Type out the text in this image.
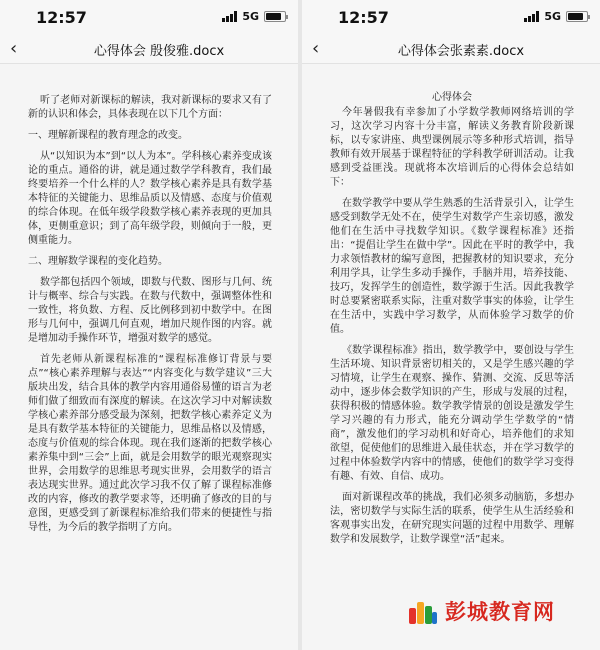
12:57	5G
‹	心得体会 殷俊雅.docx

听了老师对新课标的解读，我对新课标的要求又有了新的认识和体会，具体表现在以下几个方面：

一、理解新课程的教育理念的改变。

从“以知识为本”到“以人为本”。学科核心素养变成该论的重点。通俗的讲，就是通过数学学科教育，我们最终要培养一个什么样的人？数学核心素养是具有数学基本特征的关键能力、思维品质以及情感、态度与价值观的综合体现。在低年级学段数学核心素养表现的更加具体，更侧重意识；到了高年级学段，则倾向于一般，更侧重能力。

二、理解数学课程的变化趋势。

数学都包括四个领域，即数与代数、图形与几何、统计与概率、综合与实践。在数与代数中，强调整体性和一致性，将负数、方程、反比例移到初中数学中。在图形与几何中，强调几何直观，增加尺规作图的内容。就是增加动手操作环节，增强对数学的感觉。

首先老师从新课程标准的“课程标准修订背景与要点”“核心素养理解与表达”“内容变化与数学建议”三大版块出发，结合具体的教学内容用通俗易懂的语言为老师们做了细致而有深度的解读。在这次学习中对解读数学核心素养部分感受最为深刻，把数学核心素养定义为是具有数学基本特征的关键能力，思维品格以及情感，态度与价值观的综合体现。现在我们逐渐的把数学核心素养集中到“三会”上面，就是会用数学的眼光观察现实世界，会用数学的思维思考现实世界，会用数学的语言表达现实世界。通过此次学习我不仅了解了课程标准修改的内容，修改的教学要求等，还明确了修改的目的与意图，更感受到了新课程标准给我们带来的便捷性与指导性，为今后的教学指明了方向。

12:57	5G
‹	心得体会张素素.docx
心得体会

今年暑假我有幸参加了小学数学教师网络培训的学习，这次学习内容十分丰富，解读义务教育阶段新课标，以专家讲座、典型课例展示等多种形式培训，指导教师有效开展基于课程特征的学科教学研训活动。让我感到受益匪浅。现就将本次培训后的心得体会总结如下：

在数学教学中要从学生熟悉的生活背景引入，让学生感受到数学无处不在，使学生对数学产生亲切感，激发他们在生活中寻找数学知识。《数学课程标准》还指出：“提倡让学生在做中学”。因此在平时的教学中，我力求领悟教材的编写意图，把握教材的知识要求，充分利用学具，让学生多动手操作，手脑并用，培养技能、技巧，发挥学生的创造性，数学源于生活。因此我教学时总要紧密联系实际，注重对数学事实的体验，让学生在生活中，实践中学习数学，从而体验学习数学的价值。

《数学课程标准》指出，数学教学中，要创设与学生生活环境、知识背景密切相关的，又是学生感兴趣的学习情境，让学生在观察、操作、猜测、交流、反思等活动中，逐步体会数学知识的产生，形成与发展的过程，获得积极的情感体验。数学教学情景的创设是激发学生学习兴趣的有力形式，能充分调动学生学数学的“情商”，激发他们的学习动机和好奇心，培养他们的求知欲望，促使他们的思维进入最佳状态，并在学习数学的过程中体验数学内容中的情感，使他们的数学学习变得有趣、有效、自信、成功。

面对新课程改革的挑战，我们必须多动脑筋，多想办法，密切数学与实际生活的联系，使学生从生活经验和客观事实出发，在研究现实问题的过程中用数学、理解数学和发展数学，让数学课堂“活”起来。

彭城教育网
